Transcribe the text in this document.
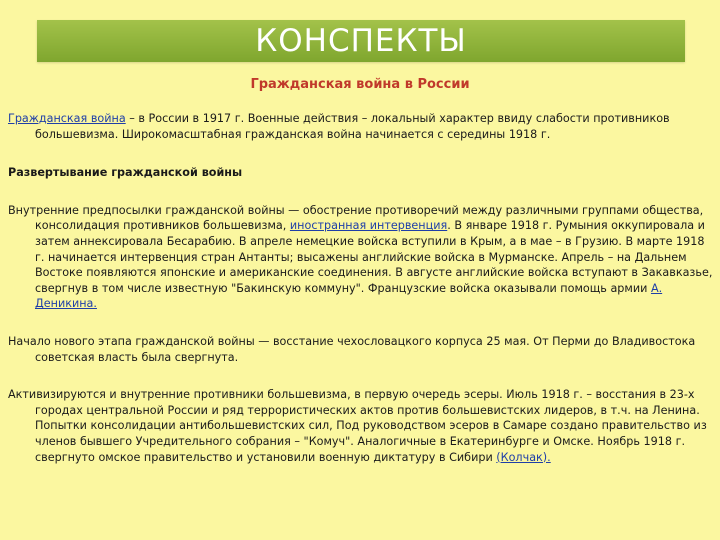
КОНСПЕКТЫ
Гражданская война в России

Гражданская война – в России в 1917 г. Военные действия – локальный характер ввиду слабости противников большевизма. Широкомасштабная гражданская война начинается с середины 1918 г.

Развертывание гражданской войны

Внутренние предпосылки гражданской войны — обострение противоречий между различными группами общества, консолидация противников большевизма, иностранная интервенция. В январе 1918 г. Румыния оккупировала и затем аннексировала Бесарабию. В апреле немецкие войска вступили в Крым, а в мае – в Грузию. В марте 1918 г. начинается интервенция стран Антанты; высажены английские войска в Мурманске. Апрель – на Дальнем Востоке появляются японские и американские соединения. В августе английские войска вступают в Закавказье, свергнув в том числе известную "Бакинскую коммуну". Французские войска оказывали помощь армии А. Деникина.

Начало нового этапа гражданской войны — восстание чехословацкого корпуса 25 мая. От Перми до Владивостока советская власть была свергнута.

Активизируются и внутренние противники большевизма, в первую очередь эсеры. Июль 1918 г. – восстания в 23-х городах центральной России и ряд террористических актов против большевистских лидеров, в т.ч. на Ленина. Попытки консолидации антибольшевистских сил, Под руководством эсеров в Самаре создано правительство из членов бывшего Учредительного собрания – "Комуч". Аналогичные в Екатеринбурге и Омске. Ноябрь 1918 г. свергнуто омское правительство и установили военную диктатуру в Сибири (Колчак).
